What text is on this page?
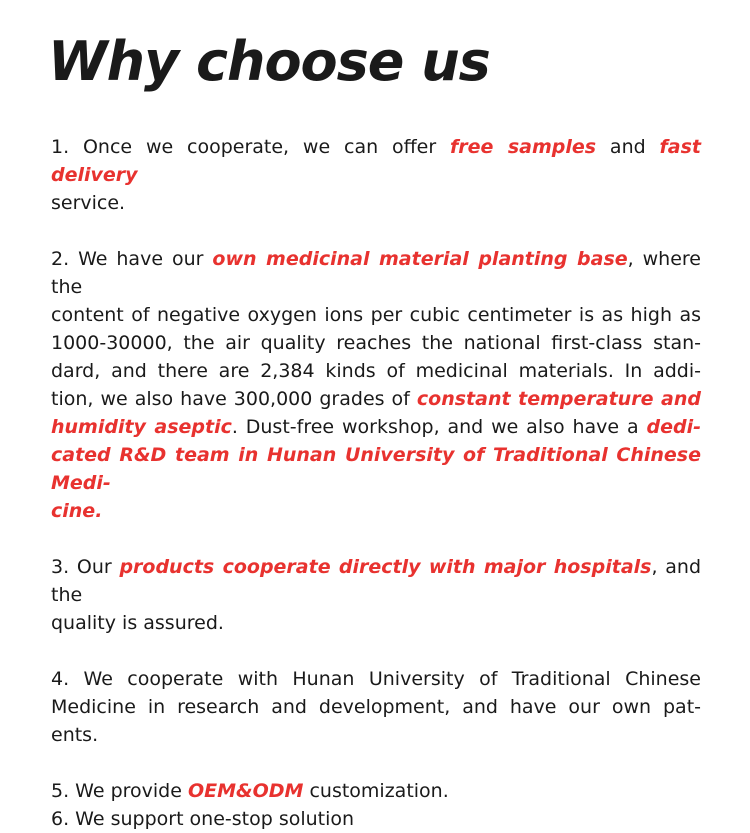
Why choose us
1. Once we cooperate, we can offer free samples and fast delivery
service.
2. We have our own medicinal material planting base, where the
content of negative oxygen ions per cubic centimeter is as high as
1000-30000, the air quality reaches the national first-class stan-
dard, and there are 2,384 kinds of medicinal materials. In addi-
tion, we also have 300,000 grades of constant temperature and
humidity aseptic. Dust-free workshop, and we also have a dedi-
cated R&D team in Hunan University of Traditional Chinese Medi-
cine.
3. Our products cooperate directly with major hospitals, and the
quality is assured.
4. We cooperate with Hunan University of Traditional Chinese
Medicine in research and development, and have our own pat-
ents.
5. We provide OEM&ODM customization.
6. We support one-stop solution
